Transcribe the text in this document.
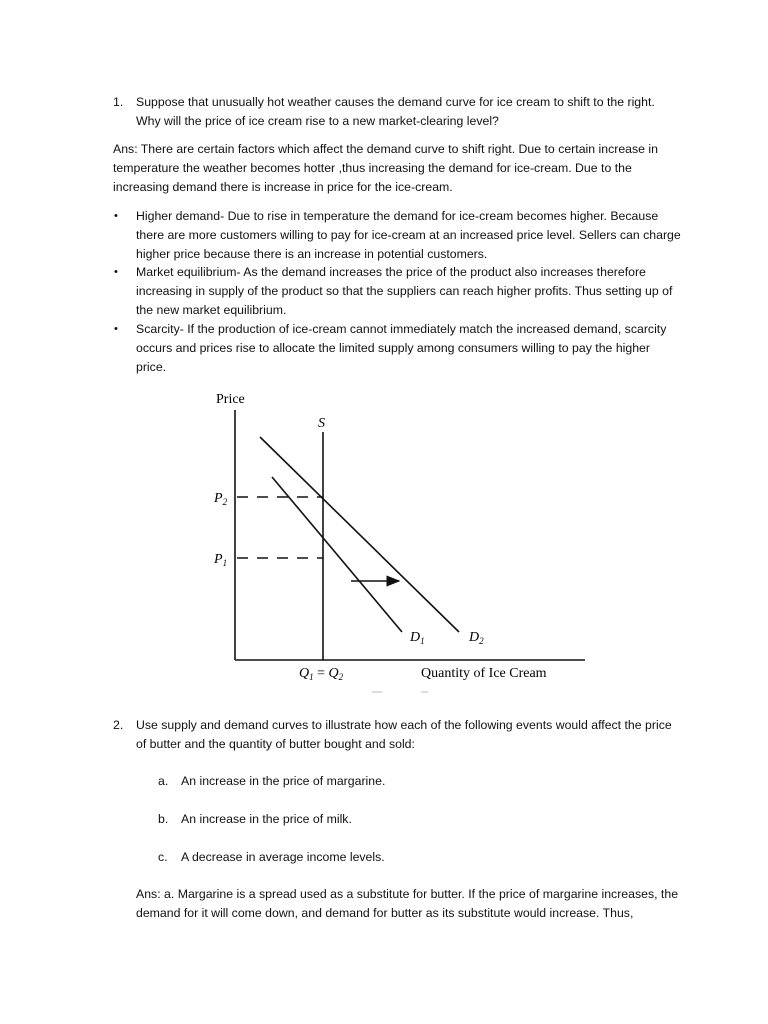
1. Suppose that unusually hot weather causes the demand curve for ice cream to shift to the right. Why will the price of ice cream rise to a new market-clearing level?
Ans: There are certain factors which affect the demand curve to shift right. Due to certain increase in temperature the weather becomes hotter ,thus increasing the demand for ice-cream. Due to the increasing demand there is increase in price for the ice-cream.
• Higher demand- Due to rise in temperature the demand for ice-cream becomes higher. Because there are more customers willing to pay for ice-cream at an increased price level. Sellers can charge higher price because there is an increase in potential customers.
• Market equilibrium- As the demand increases the price of the product also increases therefore increasing in supply of the product so that the suppliers can reach higher profits. Thus setting up of the new market equilibrium.
• Scarcity- If the production of ice-cream cannot immediately match the increased demand, scarcity occurs and prices rise to allocate the limited supply among consumers willing to pay the higher price.
Price
Quantity of Ice Cream
S
$D_1$	$D_2$
$P_2$
$P_1$
$Q_1 = Q_2$
2. Use supply and demand curves to illustrate how each of the following events would affect the price of butter and the quantity of butter bought and sold:
a. An increase in the price of margarine.
b. An increase in the price of milk.
c. A decrease in average income levels.
Ans: a. Margarine is a spread used as a substitute for butter. If the price of margarine increases, the demand for it will come down, and demand for butter as its substitute would increase. Thus,
